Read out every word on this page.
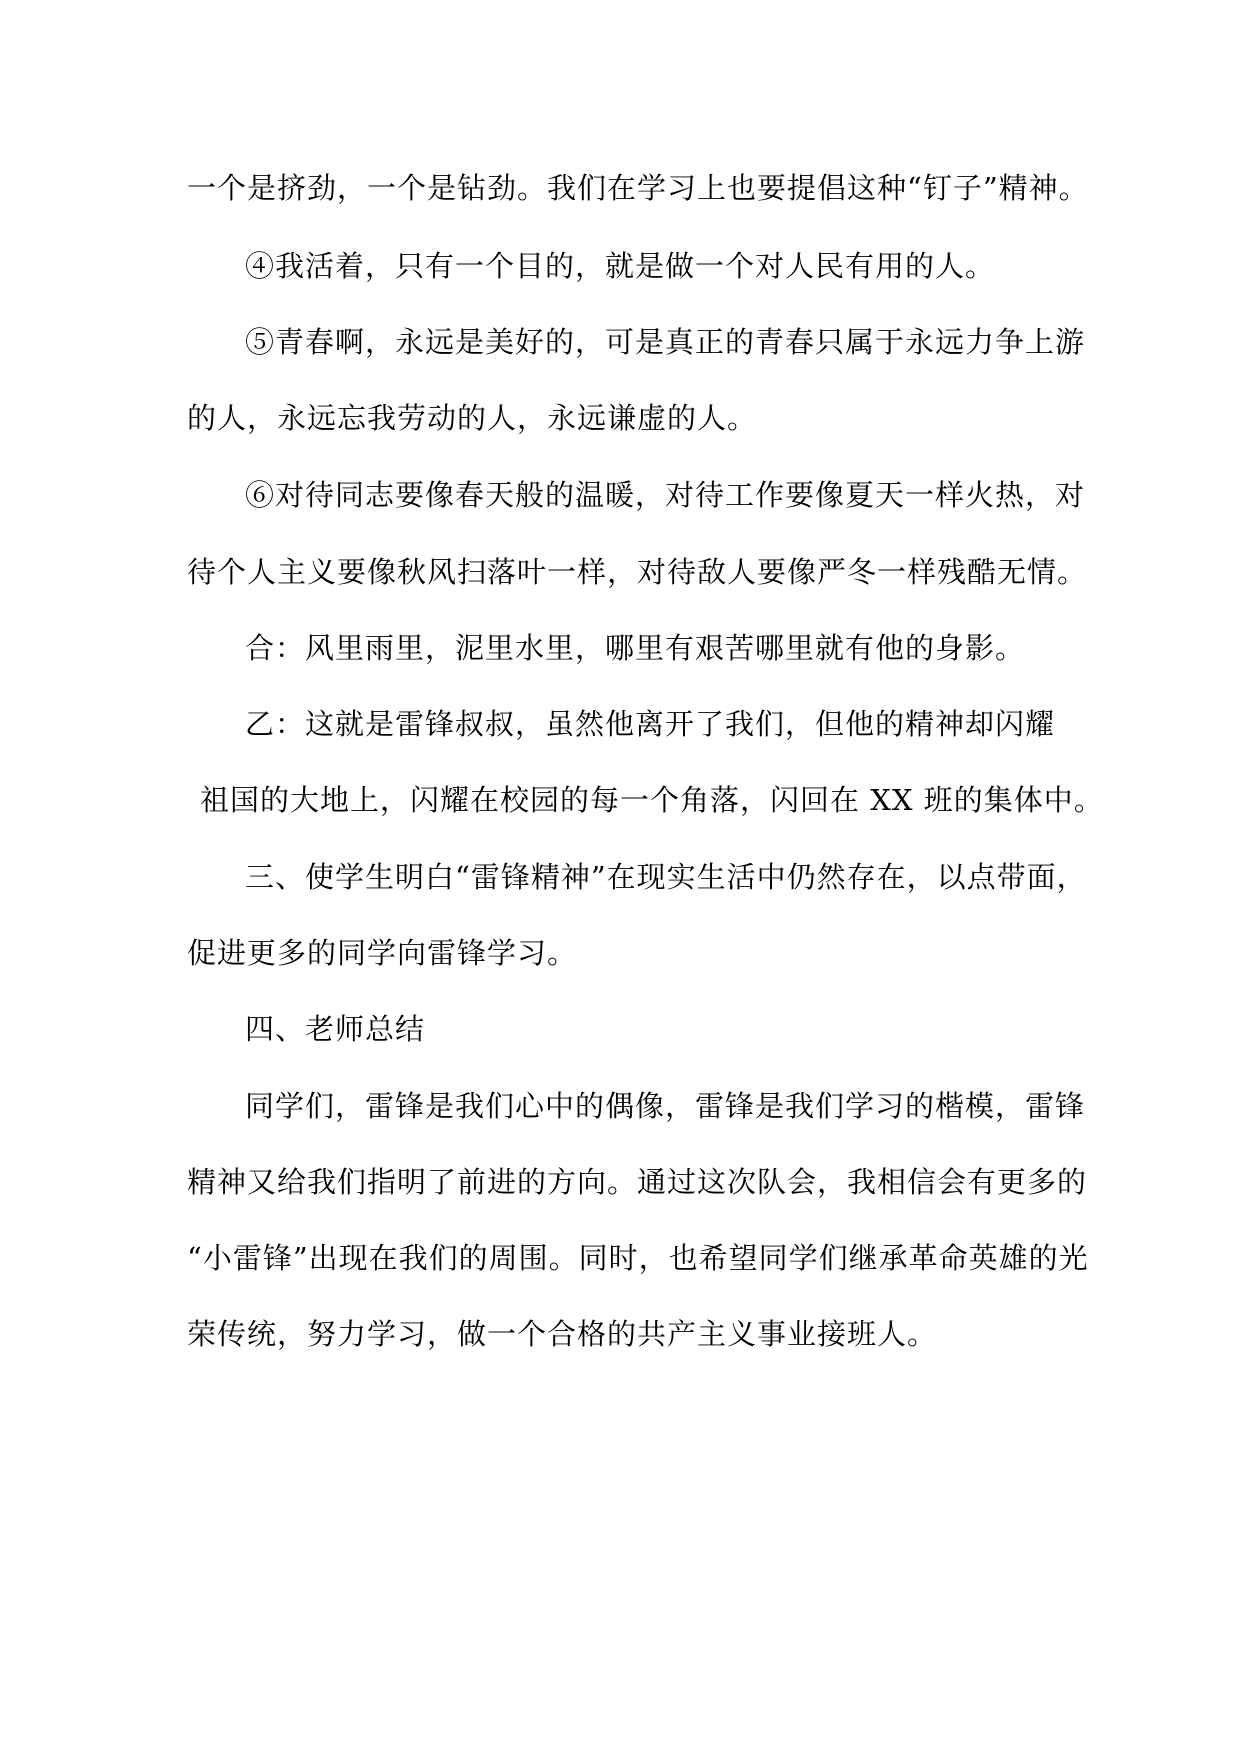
一个是挤劲，一个是钻劲。我们在学习上也要提倡这种“钉子”精神。

④我活着，只有一个目的，就是做一个对人民有用的人。

⑤青春啊，永远是美好的，可是真正的青春只属于永远力争上游

的人，永远忘我劳动的人，永远谦虚的人。

⑥对待同志要像春天般的温暖，对待工作要像夏天一样火热，对

待个人主义要像秋风扫落叶一样，对待敌人要像严冬一样残酷无情。

合：风里雨里，泥里水里，哪里有艰苦哪里就有他的身影。

乙：这就是雷锋叔叔，虽然他离开了我们，但他的精神却闪耀

祖国的大地上，闪耀在校园的每一个角落，闪回在 XX 班的集体中。

三、使学生明白“雷锋精神”在现实生活中仍然存在，以点带面，

促进更多的同学向雷锋学习。

四、老师总结

同学们，雷锋是我们心中的偶像，雷锋是我们学习的楷模，雷锋

精神又给我们指明了前进的方向。通过这次队会，我相信会有更多的

“小雷锋”出现在我们的周围。同时，也希望同学们继承革命英雄的光

荣传统，努力学习，做一个合格的共产主义事业接班人。
